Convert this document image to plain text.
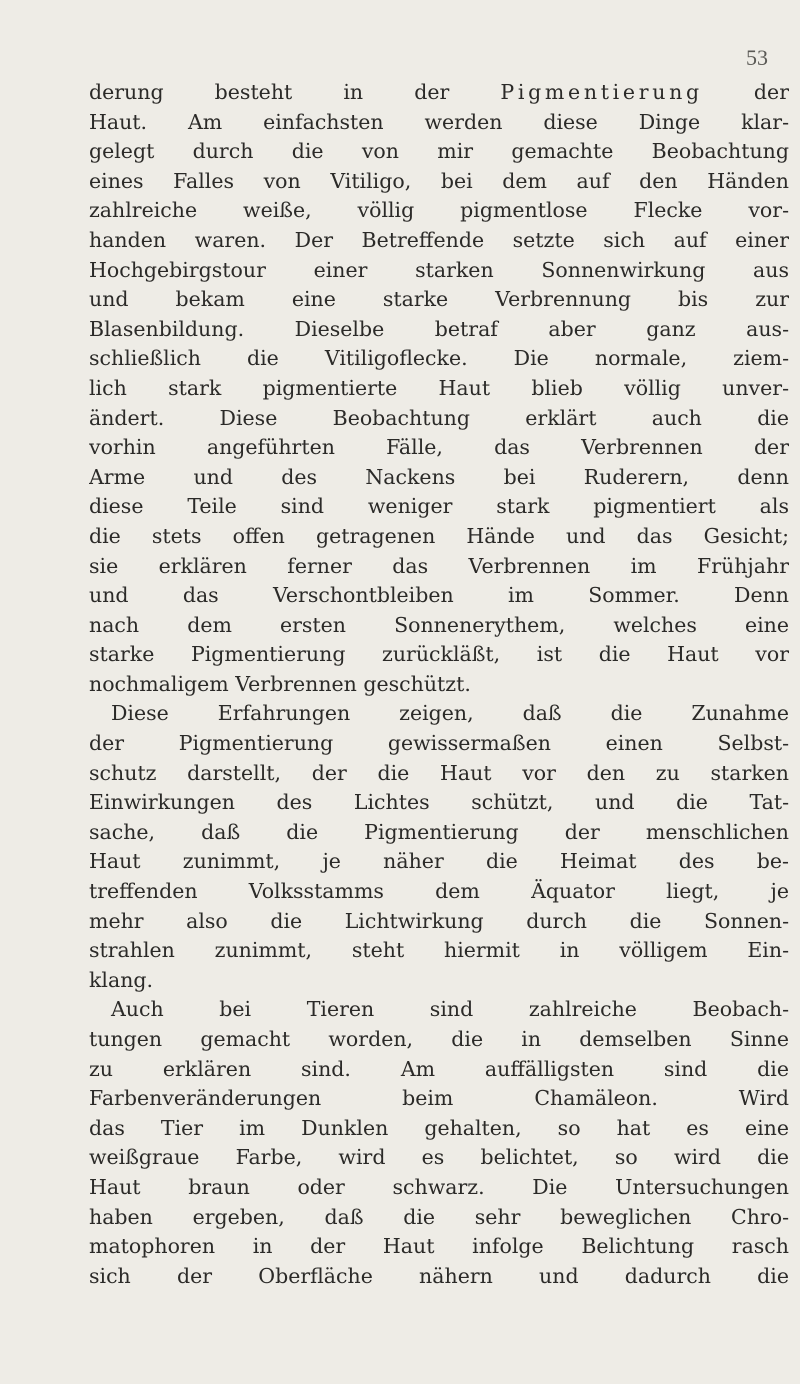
53
derung besteht in der Pigmentierung der
Haut. Am einfachsten werden diese Dinge klar-
gelegt durch die von mir gemachte Beobachtung
eines Falles von Vitiligo, bei dem auf den Händen
zahlreiche weiße, völlig pigmentlose Flecke vor-
handen waren. Der Betreffende setzte sich auf einer
Hochgebirgstour einer starken Sonnenwirkung aus
und bekam eine starke Verbrennung bis zur
Blasenbildung. Dieselbe betraf aber ganz aus-
schließlich die Vitiligoflecke. Die normale, ziem-
lich stark pigmentierte Haut blieb völlig unver-
ändert. Diese Beobachtung erklärt auch die
vorhin angeführten Fälle, das Verbrennen der
Arme und des Nackens bei Ruderern, denn
diese Teile sind weniger stark pigmentiert als
die stets offen getragenen Hände und das Gesicht;
sie erklären ferner das Verbrennen im Frühjahr
und das Verschontbleiben im Sommer. Denn
nach dem ersten Sonnenerythem, welches eine
starke Pigmentierung zurückläßt, ist die Haut vor
nochmaligem Verbrennen geschützt.
Diese Erfahrungen zeigen, daß die Zunahme
der Pigmentierung gewissermaßen einen Selbst-
schutz darstellt, der die Haut vor den zu starken
Einwirkungen des Lichtes schützt, und die Tat-
sache, daß die Pigmentierung der menschlichen
Haut zunimmt, je näher die Heimat des be-
treffenden Volksstamms dem Äquator liegt, je
mehr also die Lichtwirkung durch die Sonnen-
strahlen zunimmt, steht hiermit in völligem Ein-
klang.
Auch bei Tieren sind zahlreiche Beobach-
tungen gemacht worden, die in demselben Sinne
zu erklären sind. Am auffälligsten sind die
Farbenveränderungen beim Chamäleon. Wird
das Tier im Dunklen gehalten, so hat es eine
weißgraue Farbe, wird es belichtet, so wird die
Haut braun oder schwarz. Die Untersuchungen
haben ergeben, daß die sehr beweglichen Chro-
matophoren in der Haut infolge Belichtung rasch
sich der Oberfläche nähern und dadurch die
